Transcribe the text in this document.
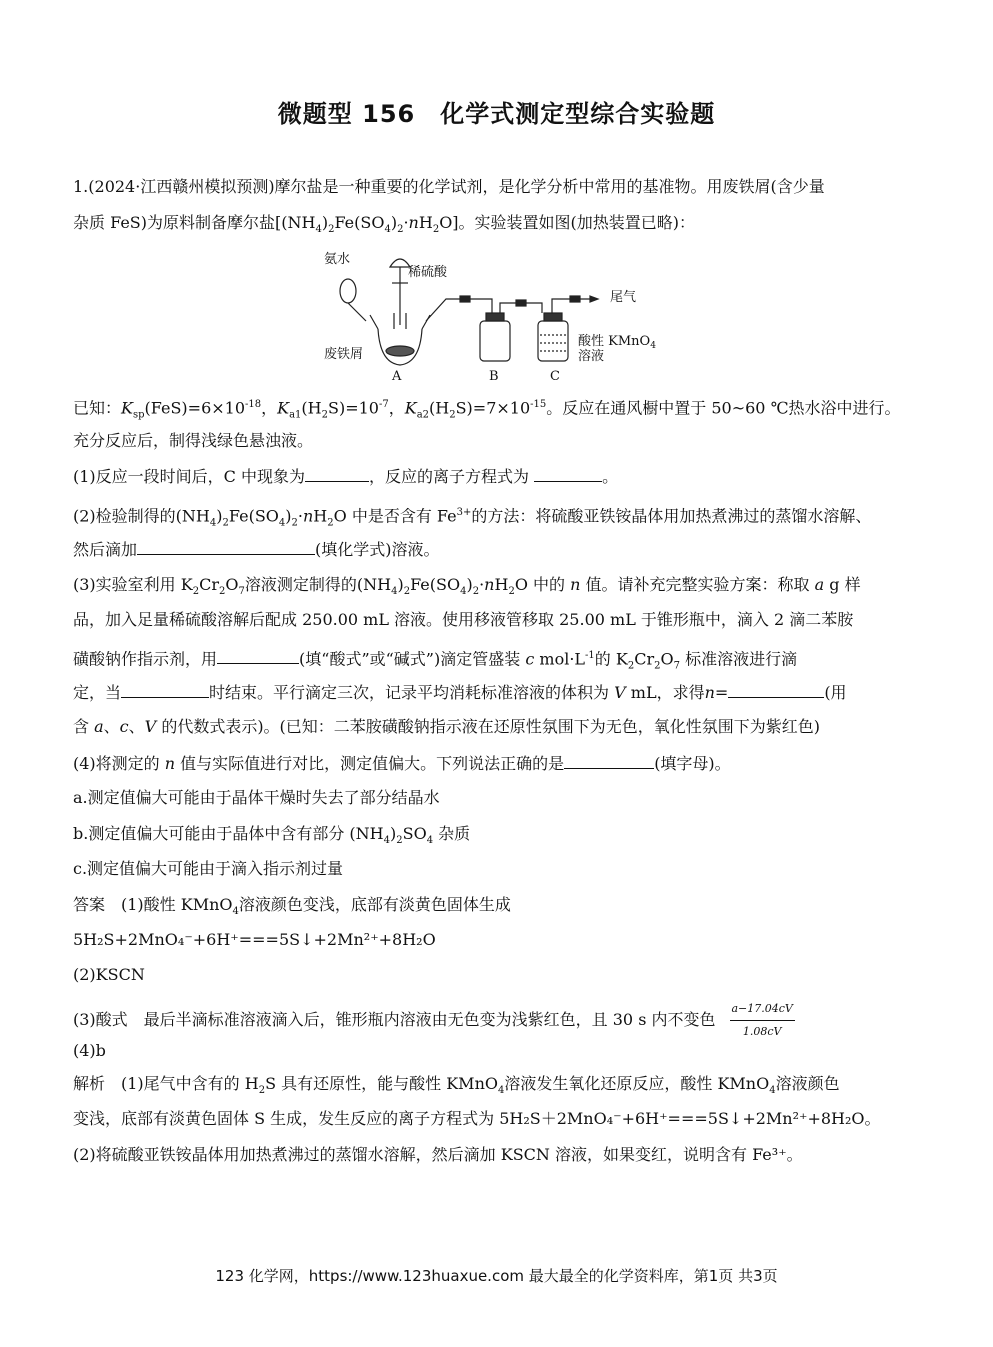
微题型 156　化学式测定型综合实验题
1.(2024·江西赣州模拟预测)摩尔盐是一种重要的化学试剂，是化学分析中常用的基准物。用废铁屑(含少量
杂质 FeS)为原料制备摩尔盐$[(NH_4)_2Fe(SO_4)_2\cdot nH_2O]$。实验装置如图(加热装置已略)：
氨水
稀硫酸
尾气
废铁屑
酸性 KMnO$_4$
溶液
A	B	C
已知：$K_{sp}(FeS)=6\times 10^{-18}$，$K_{a1}(H_2S)=10^{-7}$，$K_{a2}(H_2S)=7\times 10^{-15}$。反应在通风橱中置于 50~60 ℃热水浴中进行。
充分反应后，制得浅绿色悬浊液。
(1)反应一段时间后，C 中现象为	，反应的离子方程式为	。
(2)检验制得的$(NH_4)_2Fe(SO_4)_2\cdot nH_2O$ 中是否含有 $Fe^{3+}$的方法：将硫酸亚铁铵晶体用加热煮沸过的蒸馏水溶解、
然后滴加	(填化学式)溶液。
(3)实验室利用 $K_2Cr_2O_7$溶液测定制得的$(NH_4)_2Fe(SO_4)_2\cdot nH_2O$ 中的 n 值。请补充完整实验方案：称取 a g 样
品，加入足量稀硫酸溶解后配成 250.00 mL 溶液。使用移液管移取 25.00 mL 于锥形瓶中，滴入 2 滴二苯胺
磺酸钠作指示剂，用	(填“酸式”或“碱式”)滴定管盛装 c $mol\cdot L^{-1}$的 $K_2Cr_2O_7$ 标准溶液进行滴
定，当	时结束。平行滴定三次，记录平均消耗标准溶液的体积为 V mL，求得n=	(用
含 a、c、V 的代数式表示)。(已知：二苯胺磺酸钠指示液在还原性氛围下为无色，氧化性氛围下为紫红色)
(4)将测定的 n 值与实际值进行对比，测定值偏大。下列说法正确的是	(填字母)。
a.测定值偏大可能由于晶体干燥时失去了部分结晶水
b.测定值偏大可能由于晶体中含有部分 $(NH_4)_2SO_4$ 杂质
c.测定值偏大可能由于滴入指示剂过量
答案　(1)酸性 KMnO$_4$溶液颜色变浅，底部有淡黄色固体生成
5H₂S+2MnO₄⁻+6H⁺===5S↓+2Mn²⁺+8H₂O
(2)KSCN
(3)酸式　最后半滴标准溶液滴入后，锥形瓶内溶液由无色变为浅紫红色，且 30 s 内不变色 $\frac{a-17.04cV}{1.08cV}$
(4)b
解析　(1)尾气中含有的 $H_2S$ 具有还原性，能与酸性 KMnO$_4$溶液发生氧化还原反应，酸性 KMnO$_4$溶液颜色
变浅，底部有淡黄色固体 S 生成，发生反应的离子方程式为 5H₂S＋2MnO₄⁻+6H⁺===5S↓+2Mn²⁺+8H₂O。
(2)将硫酸亚铁铵晶体用加热煮沸过的蒸馏水溶解，然后滴加 KSCN 溶液，如果变红，说明含有 Fe³⁺。
123 化学网，https://www.123huaxue.com 最大最全的化学资料库，第1页 共3页
